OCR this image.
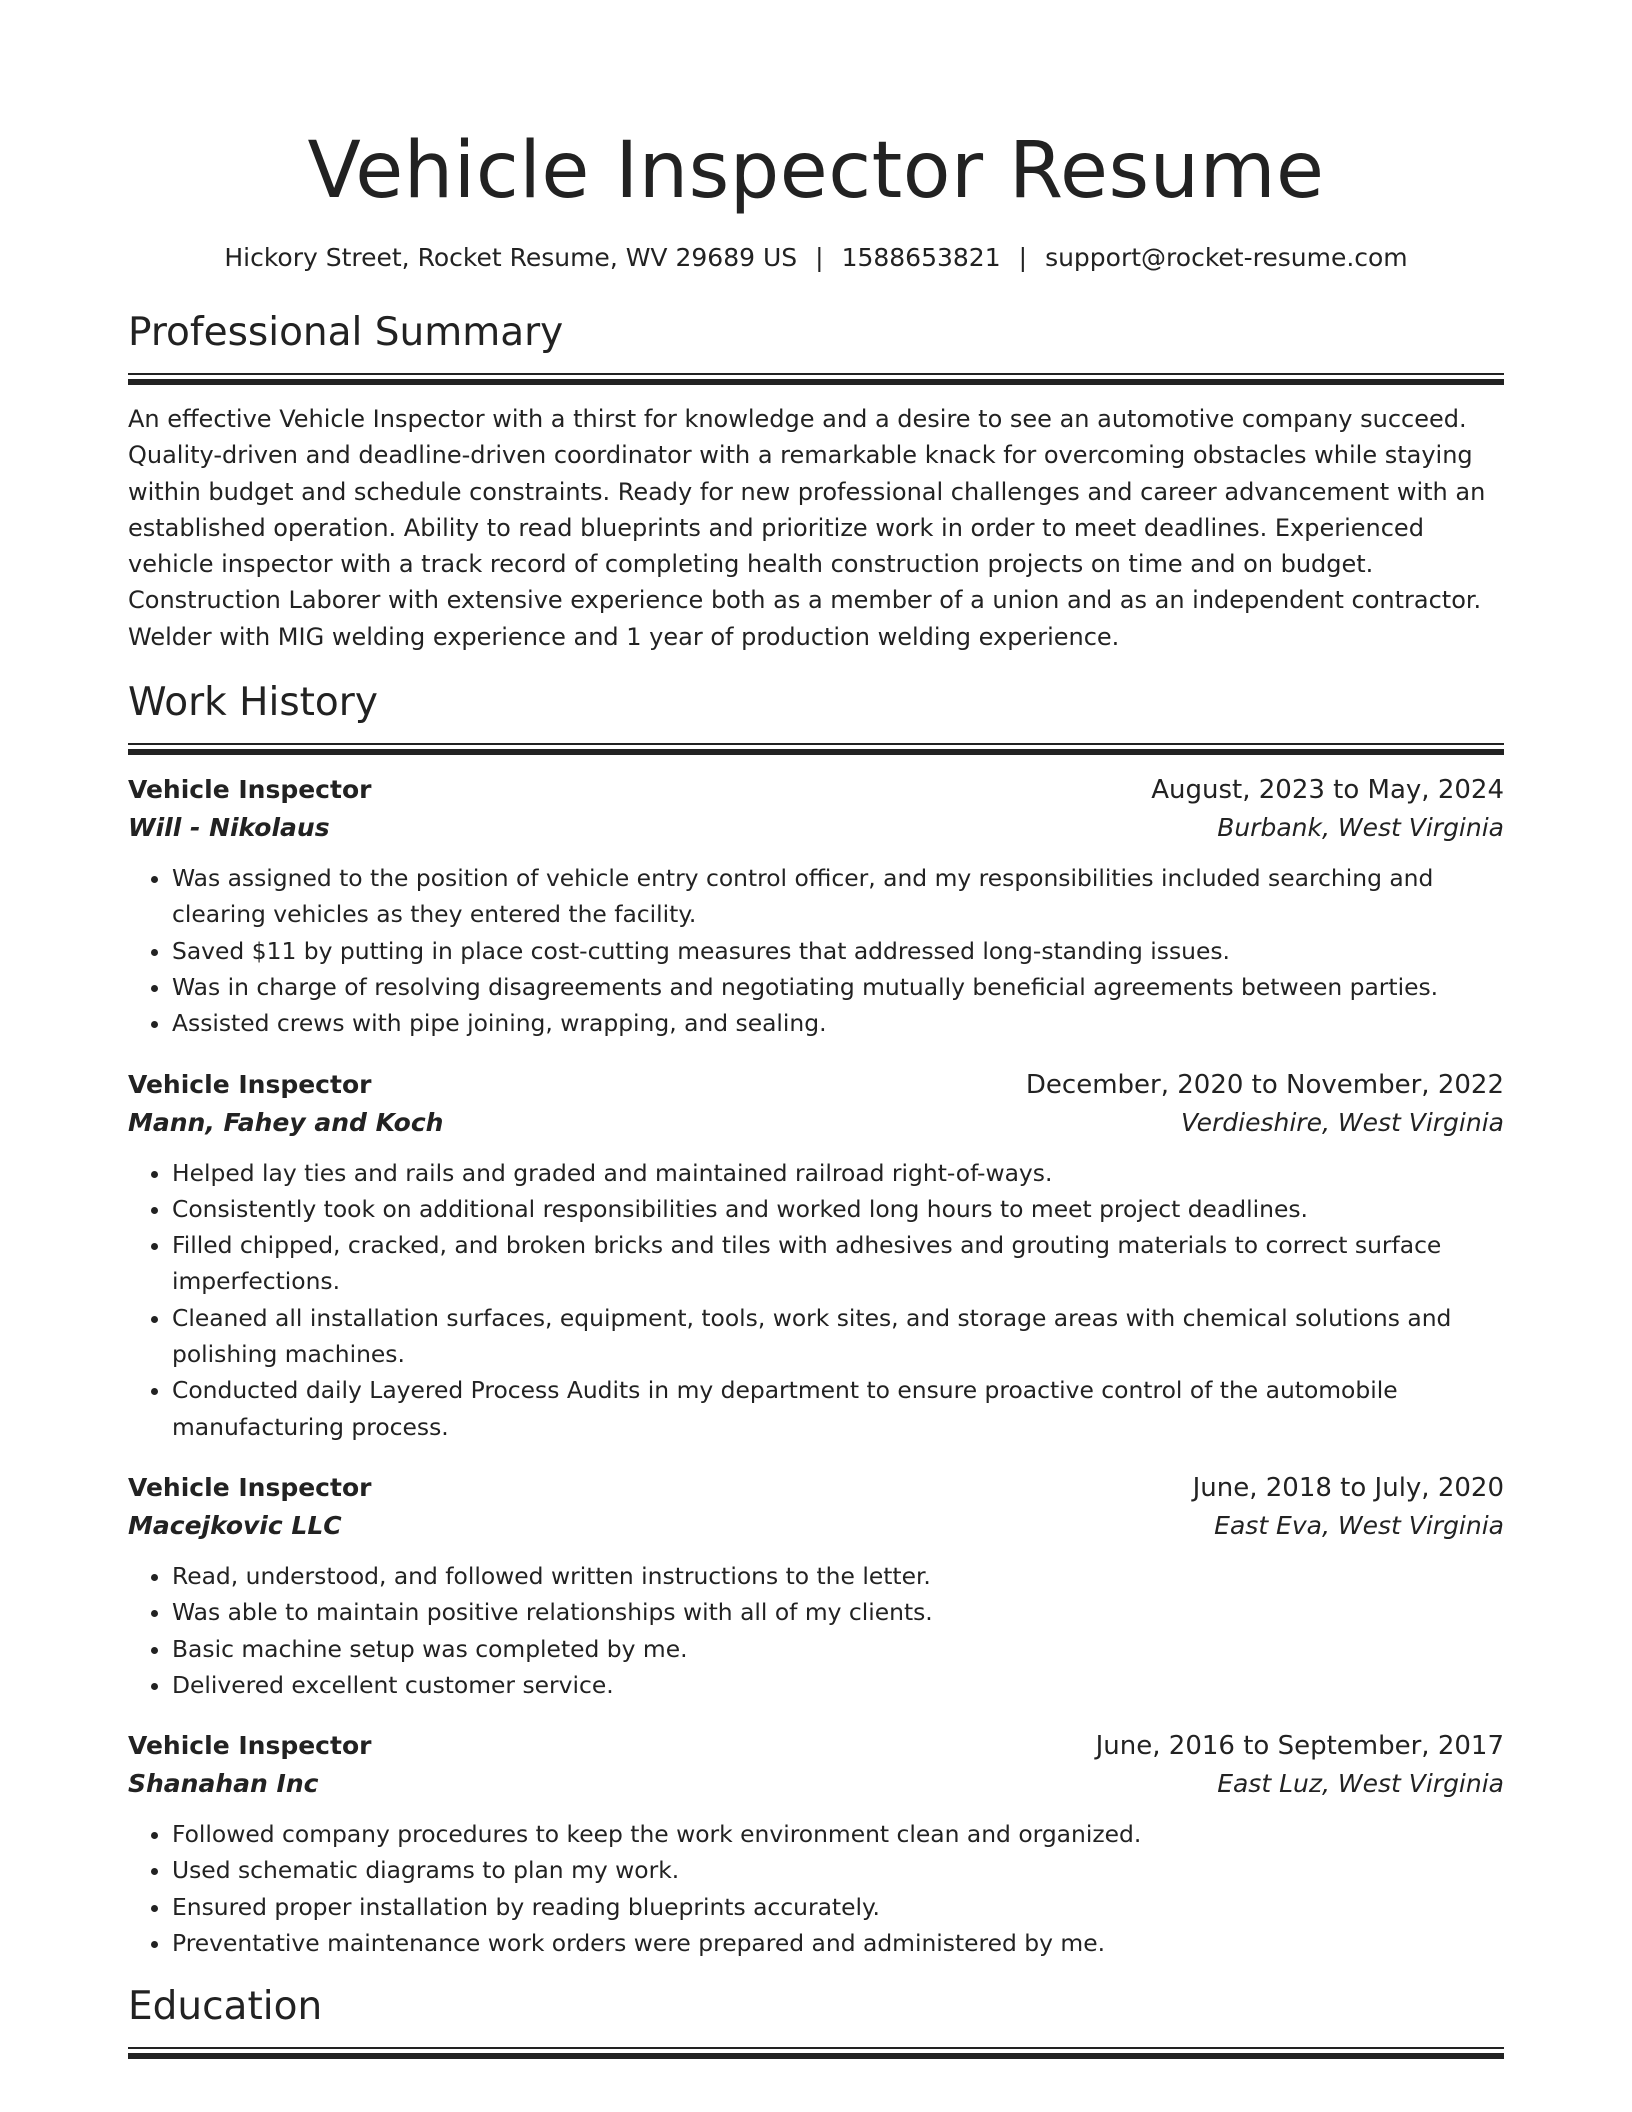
Vehicle Inspector Resume
Hickory Street, Rocket Resume, WV 29689 US | 1588653821 | support@rocket-resume.com
Professional Summary

An effective Vehicle Inspector with a thirst for knowledge and a desire to see an automotive company succeed. Quality-driven and deadline-driven coordinator with a remarkable knack for overcoming obstacles while staying within budget and schedule constraints. Ready for new professional challenges and career advancement with an established operation. Ability to read blueprints and prioritize work in order to meet deadlines. Experienced vehicle inspector with a track record of completing health construction projects on time and on budget. Construction Laborer with extensive experience both as a member of a union and as an independent contractor. Welder with MIG welding experience and 1 year of production welding experience.

Work History
Vehicle Inspector	August, 2023 to May, 2024
Will - Nikolaus	Burbank, West Virginia
• Was assigned to the position of vehicle entry control officer, and my responsibilities included searching and clearing vehicles as they entered the facility.
• Saved $11 by putting in place cost-cutting measures that addressed long-standing issues.
• Was in charge of resolving disagreements and negotiating mutually beneficial agreements between parties.
• Assisted crews with pipe joining, wrapping, and sealing.
Vehicle Inspector	December, 2020 to November, 2022
Mann, Fahey and Koch	Verdieshire, West Virginia
• Helped lay ties and rails and graded and maintained railroad right-of-ways.
• Consistently took on additional responsibilities and worked long hours to meet project deadlines.
• Filled chipped, cracked, and broken bricks and tiles with adhesives and grouting materials to correct surface imperfections.
• Cleaned all installation surfaces, equipment, tools, work sites, and storage areas with chemical solutions and polishing machines.
• Conducted daily Layered Process Audits in my department to ensure proactive control of the automobile manufacturing process.
Vehicle Inspector	June, 2018 to July, 2020
Macejkovic LLC	East Eva, West Virginia
• Read, understood, and followed written instructions to the letter.
• Was able to maintain positive relationships with all of my clients.
• Basic machine setup was completed by me.
• Delivered excellent customer service.
Vehicle Inspector	June, 2016 to September, 2017
Shanahan Inc	East Luz, West Virginia
• Followed company procedures to keep the work environment clean and organized.
• Used schematic diagrams to plan my work.
• Ensured proper installation by reading blueprints accurately.
• Preventative maintenance work orders were prepared and administered by me.
Education
